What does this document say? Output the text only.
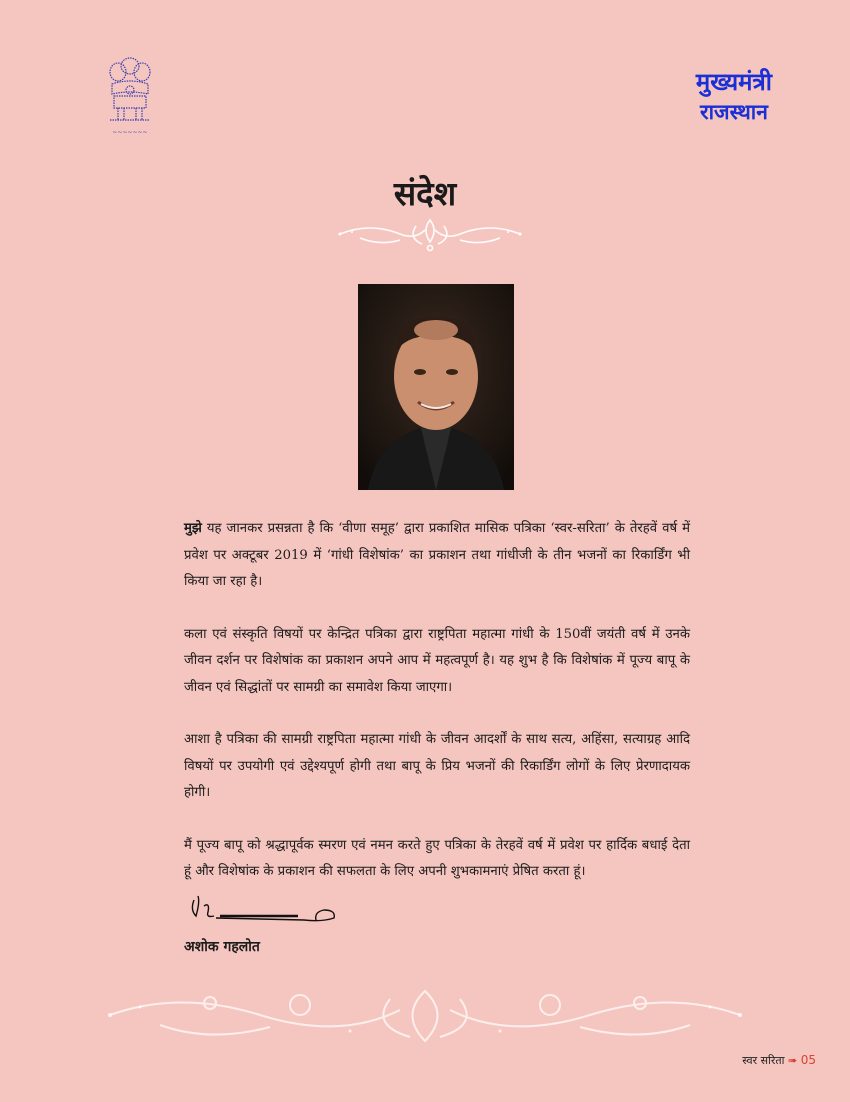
~~~~~~~
मुख्यमंत्री
राजस्थान
संदेश

मुझे यह जानकर प्रसन्नता है कि ‘वीणा समूह’ द्वारा प्रकाशित मासिक पत्रिका ‘स्वर-सरिता’ के तेरहवें वर्ष में प्रवेश पर अक्टूबर 2019 में ‘गांधी विशेषांक’ का प्रकाशन तथा गांधीजी के तीन भजनों का रिकार्डिंग भी किया जा रहा है।

कला एवं संस्कृति विषयों पर केन्द्रित पत्रिका द्वारा राष्ट्रपिता महात्मा गांधी के 150वीं जयंती वर्ष में उनके जीवन दर्शन पर विशेषांक का प्रकाशन अपने आप में महत्वपूर्ण है। यह शुभ है कि विशेषांक में पूज्य बापू के जीवन एवं सिद्धांतों पर सामग्री का समावेश किया जाएगा।

आशा है पत्रिका की सामग्री राष्ट्रपिता महात्मा गांधी के जीवन आदर्शों के साथ सत्य, अहिंसा, सत्याग्रह आदि विषयों पर उपयोगी एवं उद्देश्यपूर्ण होगी तथा बापू के प्रिय भजनों की रिकार्डिंग लोगों के लिए प्रेरणादायक होगी।

मैं पूज्य बापू को श्रद्धापूर्वक स्मरण एवं नमन करते हुए पत्रिका के तेरहवें वर्ष में प्रवेश पर हार्दिक बधाई देता हूं और विशेषांक के प्रकाशन की सफलता के लिए अपनी शुभकामनाएं प्रेषित करता हूं।

अशोक गहलोत
स्वर सरिता ➠ 05
